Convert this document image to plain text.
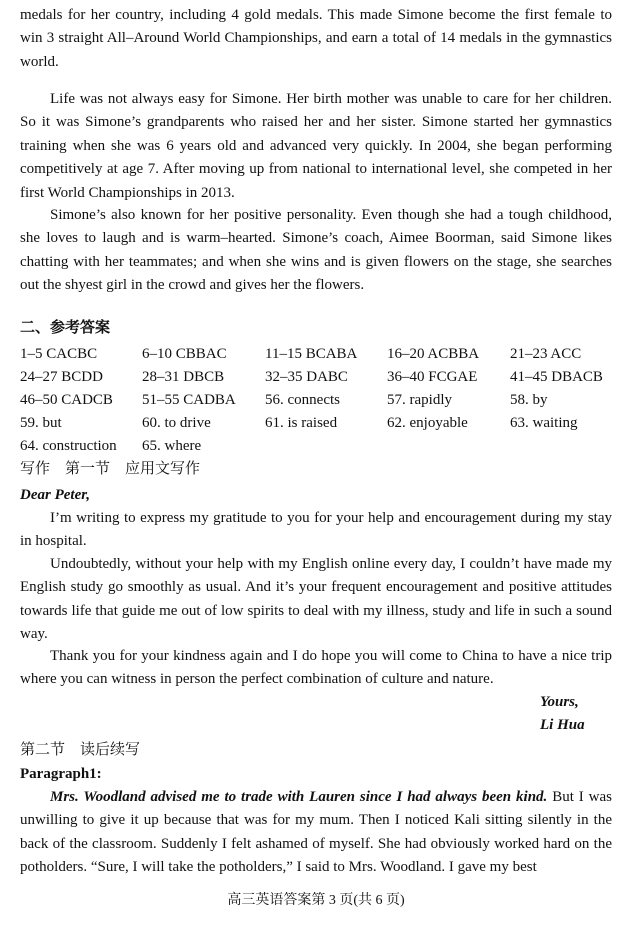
medals for her country, including 4 gold medals. This made Simone become the first female to win 3 straight All–Around World Championships, and earn a total of 14 medals in the gymnastics world.

Life was not always easy for Simone. Her birth mother was unable to care for her children. So it was Simone’s grandparents who raised her and her sister. Simone started her gymnastics training when she was 6 years old and advanced very quickly. In 2004, she began performing competitively at age 7. After moving up from national to international level, she competed in her first World Championships in 2013.

Simone’s also known for her positive personality. Even though she had a tough childhood, she loves to laugh and is warm–hearted. Simone’s coach, Aimee Boorman, said Simone likes chatting with her teammates; and when she wins and is given flowers on the stage, she searches out the shyest girl in the crowd and gives her the flowers.

二、参考答案
1–5 CACBC	6–10 CBBAC	11–15 BCABA 16–20 ACBBA 21–23 ACC
24–27 BCDD	28–31 DBCB	32–35 DABC	36–40 FCGAE 41–45 DBACB
46–50 CADCB 51–55 CADBA 56. connects	57. rapidly	58. by
59. but	60. to drive	61. is raised	62. enjoyable	63. waiting
64. construction 65. where
写作　第一节　应用文写作
Dear Peter,

I’m writing to express my gratitude to you for your help and encouragement during my stay in hospital.

Undoubtedly, without your help with my English online every day, I couldn’t have made my English study go smoothly as usual. And it’s your frequent encouragement and positive attitudes towards life that guide me out of low spirits to deal with my illness, study and life in such a sound way.

Thank you for your kindness again and I do hope you will come to China to have a nice trip where you can witness in person the perfect combination of culture and nature.

Yours,
Li Hua
第二节　读后续写
Paragraph1:

Mrs. Woodland advised me to trade with Lauren since I had always been kind. But I was unwilling to give it up because that was for my mum. Then I noticed Kali sitting silently in the back of the classroom. Suddenly I felt ashamed of myself. She had obviously worked hard on the potholders. “Sure, I will take the potholders,” I said to Mrs. Woodland. I gave my best

高三英语答案第 3 页(共 6 页)
